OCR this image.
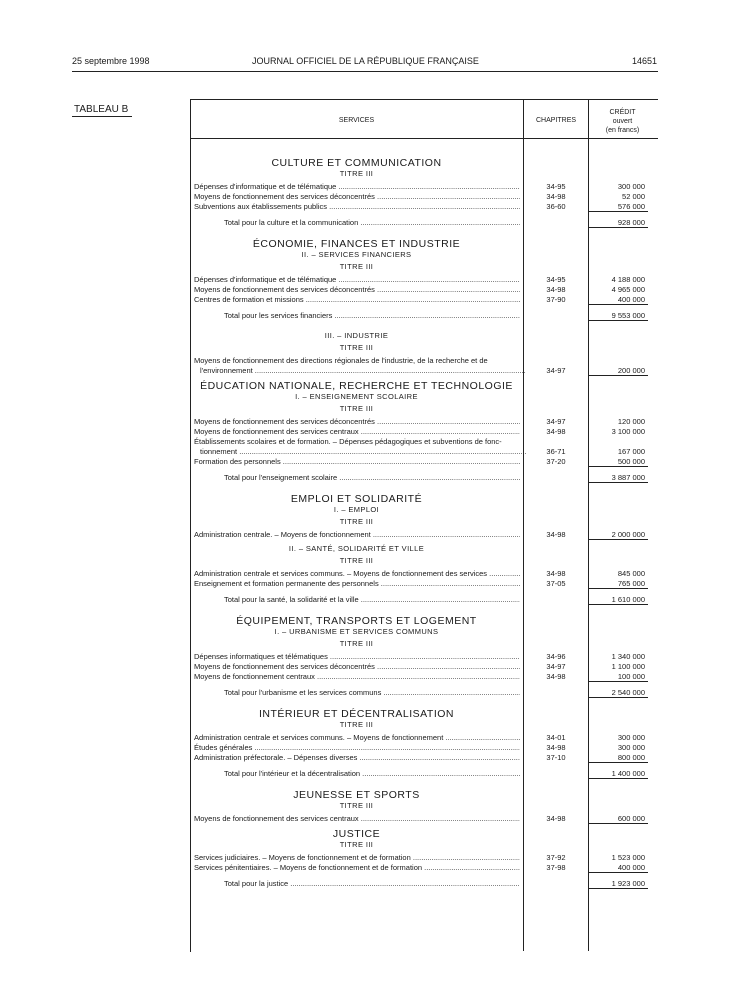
25 septembre 1998	JOURNAL OFFICIEL DE LA RÉPUBLIQUE FRANÇAISE	14651
TABLEAU B
SERVICES	CHAPITRES
CRÉDIT
ouvert
(en francs)
CULTURE ET COMMUNICATION
TITRE III
Dépenses d'informatique et de télématique .....	34-95	300 000
Moyens de fonctionnement des services déconcentrés .....	34-98	52 000
Subventions aux établissements publics .....	36-60	576 000
Total pour la culture et la communication .....	928 000
ÉCONOMIE, FINANCES ET INDUSTRIE
II. – SERVICES FINANCIERS
TITRE III
Dépenses d'informatique et de télématique .....	34-95	4 188 000
Moyens de fonctionnement des services déconcentrés .....	34-98	4 965 000
Centres de formation et missions .....	37-90	400 000
Total pour les services financiers .....	9 553 000
III. – INDUSTRIE
TITRE III
Moyens de fonctionnement des directions régionales de l'industrie, de la recherche et de
l'environnement .....	34-97	200 000
ÉDUCATION NATIONALE, RECHERCHE ET TECHNOLOGIE
I. – ENSEIGNEMENT SCOLAIRE
TITRE III
Moyens de fonctionnement des services déconcentrés .....	34-97	120 000
Moyens de fonctionnement des services centraux .....	34-98	3 100 000
Établissements scolaires et de formation. – Dépenses pédagogiques et subventions de fonc-
tionnement .....	36-71	167 000
Formation des personnels .....	37-20	500 000
Total pour l'enseignement scolaire .....	3 887 000
EMPLOI ET SOLIDARITÉ
I. – EMPLOI
TITRE III
Administration centrale. – Moyens de fonctionnement .....	34-98	2 000 000
II. – SANTÉ, SOLIDARITÉ ET VILLE
TITRE III
Administration centrale et services communs. – Moyens de fonctionnement des services .....	34-98	845 000
Enseignement et formation permanente des personnels .....	37-05	765 000
Total pour la santé, la solidarité et la ville .....	1 610 000
ÉQUIPEMENT, TRANSPORTS ET LOGEMENT
I. – URBANISME ET SERVICES COMMUNS
TITRE III
Dépenses informatiques et télématiques .....	34-96	1 340 000
Moyens de fonctionnement des services déconcentrés .....	34-97	1 100 000
Moyens de fonctionnement centraux .....	34-98	100 000
Total pour l'urbanisme et les services communs .....	2 540 000
INTÉRIEUR ET DÉCENTRALISATION
TITRE III
Administration centrale et services communs. – Moyens de fonctionnement .....	34-01	300 000
Études générales .....	34-98	300 000
Administration préfectorale. – Dépenses diverses .....	37-10	800 000
Total pour l'intérieur et la décentralisation .....	1 400 000
JEUNESSE ET SPORTS
TITRE III
Moyens de fonctionnement des services centraux .....	34-98	600 000
JUSTICE
TITRE III
Services judiciaires. – Moyens de fonctionnement et de formation .....	37-92	1 523 000
Services pénitentiaires. – Moyens de fonctionnement et de formation .....	37-98	400 000
Total pour la justice .....	1 923 000
